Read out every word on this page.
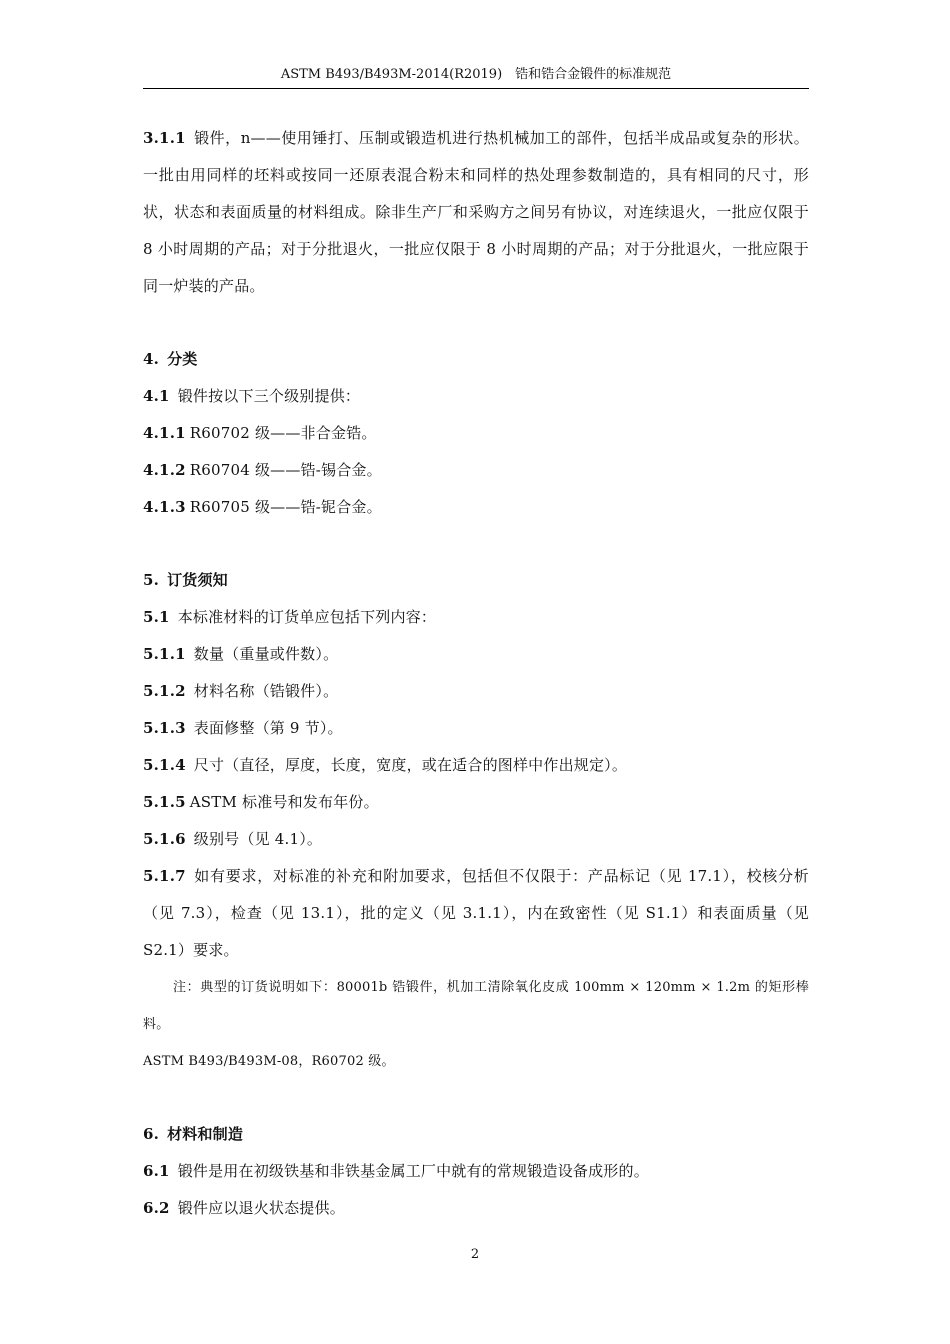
ASTM B493/B493M-2014(R2019)　锆和锆合金锻件的标准规范

3.1.1 锻件，n——使用锤打、压制或锻造机进行热机械加工的部件，包括半成品或复杂的形状。一批由用同样的坯料或按同一还原表混合粉末和同样的热处理参数制造的，具有相同的尺寸，形状，状态和表面质量的材料组成。除非生产厂和采购方之间另有协议，对连续退火，一批应仅限于 8 小时周期的产品；对于分批退火，一批应仅限于 8 小时周期的产品；对于分批退火，一批应限于同一炉装的产品。

4. 分类

4.1 锻件按以下三个级别提供：

4.1.1 R60702 级——非合金锆。

4.1.2 R60704 级——锆-锡合金。

4.1.3 R60705 级——锆-铌合金。

5. 订货须知

5.1 本标准材料的订货单应包括下列内容：

5.1.1 数量（重量或件数）。

5.1.2 材料名称（锆锻件）。

5.1.3 表面修整（第 9 节）。

5.1.4 尺寸（直径，厚度，长度，宽度，或在适合的图样中作出规定）。

5.1.5 ASTM 标准号和发布年份。

5.1.6 级别号（见 4.1）。

5.1.7 如有要求，对标准的补充和附加要求，包括但不仅限于：产品标记（见 17.1），校核分析（见 7.3），检查（见 13.1），批的定义（见 3.1.1），内在致密性（见 S1.1）和表面质量（见 S2.1）要求。

注：典型的订货说明如下：80001b 锆锻件，机加工清除氧化皮成 100mm × 120mm × 1.2m 的矩形棒料。

ASTM B493/B493M-08，R60702 级。

6. 材料和制造

6.1 锻件是用在初级铁基和非铁基金属工厂中就有的常规锻造设备成形的。

6.2 锻件应以退火状态提供。

2
